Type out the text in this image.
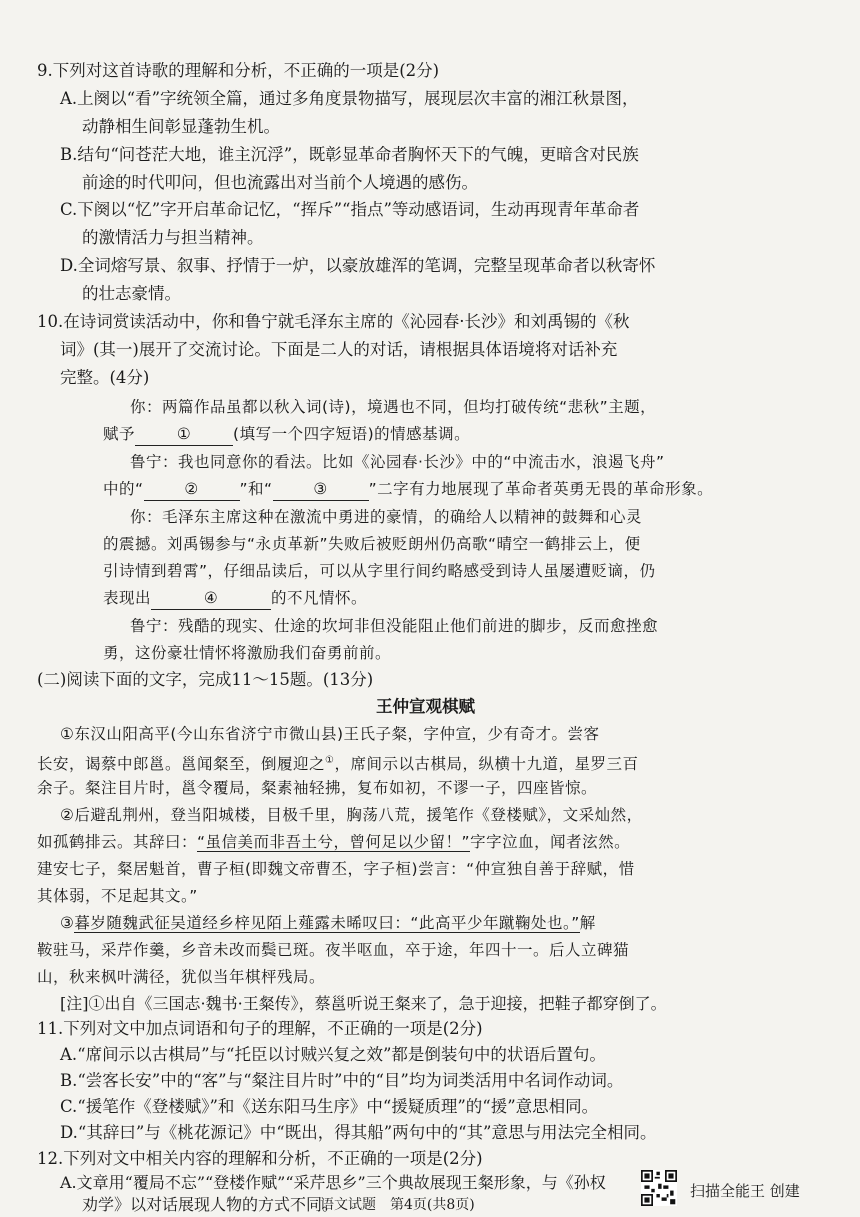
9.下列对这首诗歌的理解和分析，不正确的一项是(2分)
A.上阕以“看”字统领全篇，通过多角度景物描写，展现层次丰富的湘江秋景图，
动静相生间彰显蓬勃生机。
B.结句“问苍茫大地，谁主沉浮”，既彰显革命者胸怀天下的气魄，更暗含对民族
前途的时代叩问，但也流露出对当前个人境遇的感伤。
C.下阕以“忆”字开启革命记忆，“挥斥”“指点”等动感语词，生动再现青年革命者
的激情活力与担当精神。
D.全词熔写景、叙事、抒情于一炉，以豪放雄浑的笔调，完整呈现革命者以秋寄怀
的壮志豪情。
10.在诗词赏读活动中，你和鲁宁就毛泽东主席的《沁园春·长沙》和刘禹锡的《秋
词》(其一)展开了交流讨论。下面是二人的对话，请根据具体语境将对话补充
完整。(4分)
你：两篇作品虽都以秋入词(诗)，境遇也不同，但均打破传统“悲秋”主题，
赋予	①	(填写一个四字短语)的情感基调。
鲁宁：我也同意你的看法。比如《沁园春·长沙》中的“中流击水，浪遏飞舟”
中的“	②	”和“	③	”二字有力地展现了革命者英勇无畏的革命形象。
你：毛泽东主席这种在激流中勇进的豪情，的确给人以精神的鼓舞和心灵
的震撼。刘禹锡参与“永贞革新”失败后被贬朗州仍高歌“晴空一鹤排云上，便
引诗情到碧霄”，仔细品读后，可以从字里行间约略感受到诗人虽屡遭贬谪，仍
表现出	④	的不凡情怀。
鲁宁：残酷的现实、仕途的坎坷非但没能阻止他们前进的脚步，反而愈挫愈
勇，这份豪壮情怀将激励我们奋勇前前。
(二)阅读下面的文字，完成11～15题。(13分)
王仲宣观棋赋
①东汉山阳高平(今山东省济宁市微山县)王氏子粲，字仲宣，少有奇才。尝客
长安，谒蔡中郎邕。邕闻粲至，倒履迎之①，席间示以古棋局，纵横十九道，星罗三百
余子。粲注目片时，邕令覆局，粲素袖轻拂，复布如初，不谬一子，四座皆惊。
②后避乱荆州，登当阳城楼，目极千里，胸荡八荒，援笔作《登楼赋》，文采灿然，
如孤鹤排云。其辞曰：“虽信美而非吾土兮，曾何足以少留！”字字泣血，闻者泫然。
建安七子，粲居魁首，曹子桓(即魏文帝曹丕，字子桓)尝言：“仲宣独自善于辞赋，惜
其体弱，不足起其文。”
③暮岁随魏武征吴道经乡梓见陌上薤露未晞叹曰：“此高平少年蹴鞠处也。”解
鞍驻马，采芹作羹，乡音未改而鬓已斑。夜半呕血，卒于途，年四十一。后人立碑猫
山，秋来枫叶满径，犹似当年棋枰残局。
[注]①出自《三国志·魏书·王粲传》，蔡邕听说王粲来了，急于迎接，把鞋子都穿倒了。
11.下列对文中加点词语和句子的理解，不正确的一项是(2分)
A.“席间示以古棋局”与“托臣以讨贼兴复之效”都是倒装句中的状语后置句。
B.“尝客长安”中的“客”与“粲注目片时”中的“目”均为词类活用中名词作动词。
C.“援笔作《登楼赋》”和《送东阳马生序》中“援疑质理”的“援”意思相同。
D.“其辞曰”与《桃花源记》中“既出，得其船”两句中的“其”意思与用法完全相同。
12.下列对文中相关内容的理解和分析，不正确的一项是(2分)
A.文章用“覆局不忘”“登楼作赋”“采芹思乡”三个典故展现王粲形象，与《孙权
劝学》以对话展现人物的方式不同。
语文试题　第4页(共8页)
扫描全能王 创建
